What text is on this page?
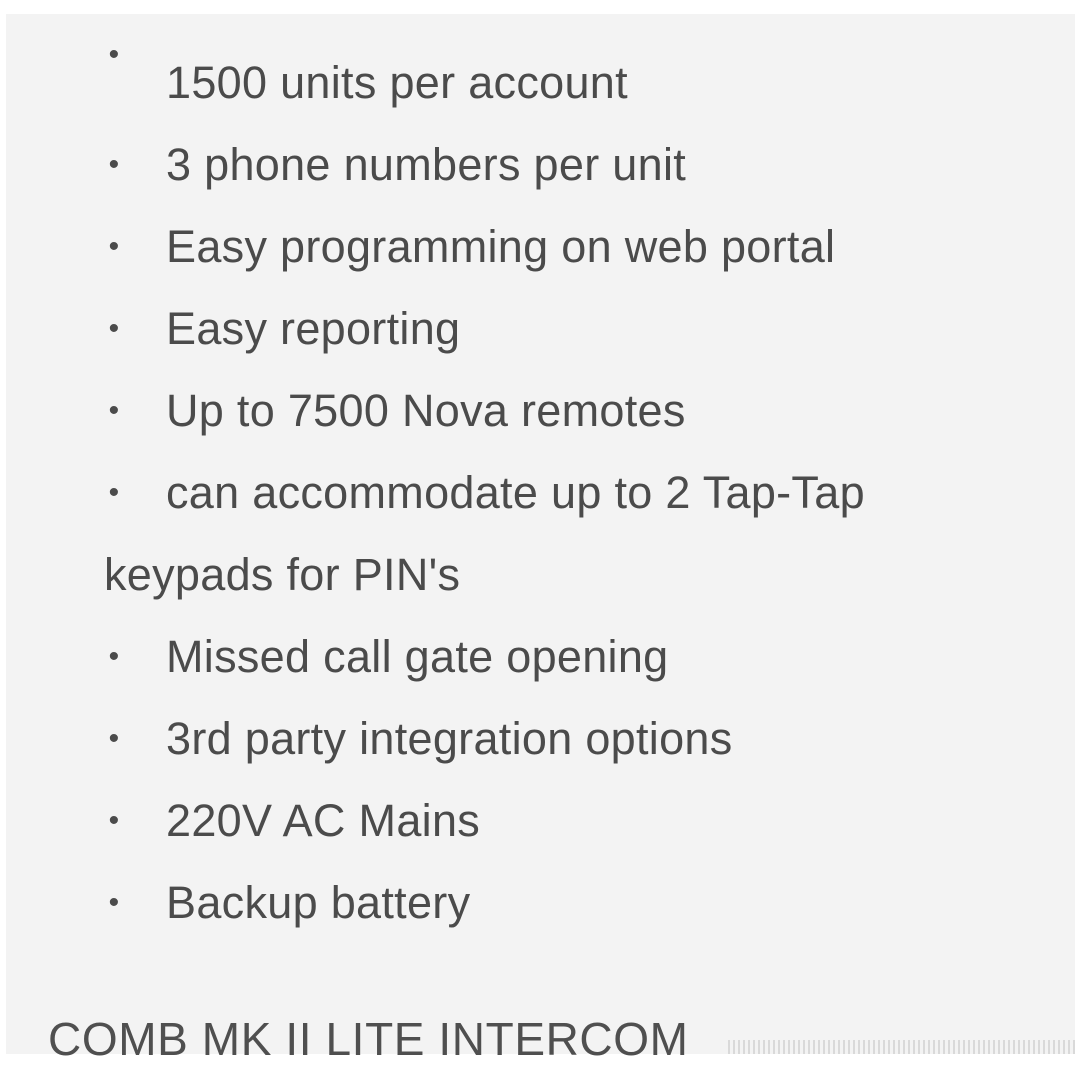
•
1500 units per account
•
3 phone numbers per unit
•
Easy programming on web portal
•
Easy reporting
•
Up to 7500 Nova remotes
•
can accommodate up to 2 Tap-Tap
keypads for PIN's
•
Missed call gate opening
•
3rd party integration options
•
220V AC Mains
•
Backup battery
COMB MK II LITE INTERCOM
